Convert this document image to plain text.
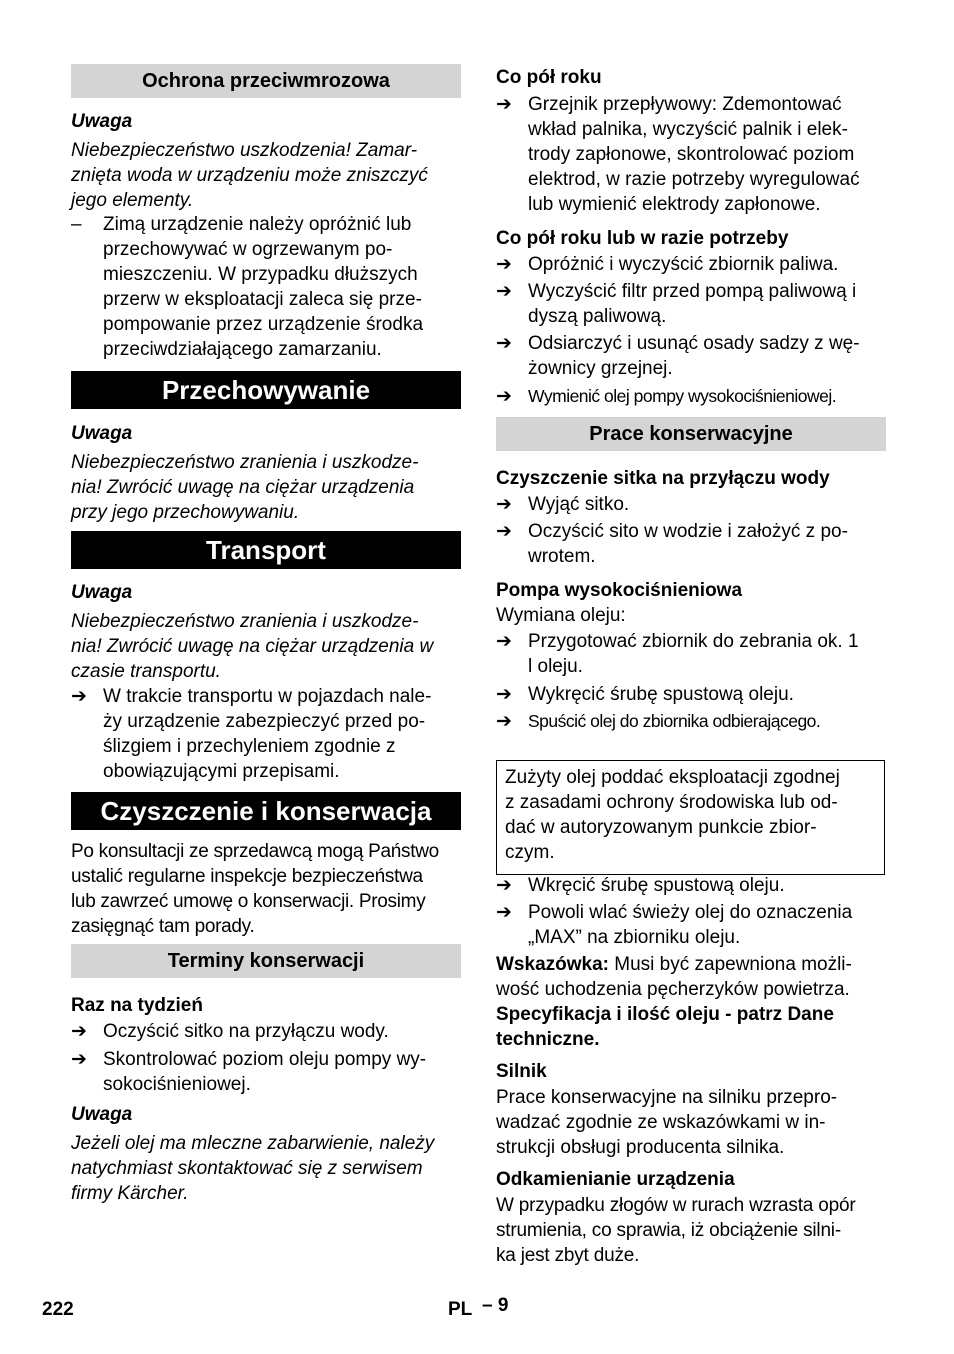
Ochrona przeciwmrozowa
Uwaga
Niebezpieczeństwo uszkodzenia! Zamar-
znięta woda w urządzeniu może zniszczyć
jego elementy.
– Zimą urządzenie należy opróżnić lub
przechowywać w ogrzewanym po-
mieszczeniu. W przypadku dłuższych
przerw w eksploatacji zaleca się prze-
pompowanie przez urządzenie środka
przeciwdziałającego zamarzaniu.
Przechowywanie
Uwaga
Niebezpieczeństwo zranienia i uszkodze-
nia! Zwrócić uwagę na ciężar urządzenia
przy jego przechowywaniu.
Transport
Uwaga
Niebezpieczeństwo zranienia i uszkodze-
nia! Zwrócić uwagę na ciężar urządzenia w
czasie transportu.
➔ W trakcie transportu w pojazdach nale-
ży urządzenie zabezpieczyć przed po-
ślizgiem i przechyleniem zgodnie z
obowiązującymi przepisami.
Czyszczenie i konserwacja
Po konsultacji ze sprzedawcą mogą Państwo
ustalić regularne inspekcje bezpieczeństwa
lub zawrzeć umowę o konserwacji. Prosimy
zasięgnąć tam porady.
Terminy konserwacji
Raz na tydzień
➔ Oczyścić sitko na przyłączu wody.
➔ Skontrolować poziom oleju pompy wy-
sokociśnieniowej.
Uwaga
Jeżeli olej ma mleczne zabarwienie, należy
natychmiast skontaktować się z serwisem
firmy Kärcher.
Co pół roku
➔ Grzejnik przepływowy: Zdemontować
wkład palnika, wyczyścić palnik i elek-
trody zapłonowe, skontrolować poziom
elektrod, w razie potrzeby wyregulować
lub wymienić elektrody zapłonowe.
Co pół roku lub w razie potrzeby
➔ Opróżnić i wyczyścić zbiornik paliwa.
➔ Wyczyścić filtr przed pompą paliwową i
dyszą paliwową.
➔ Odsiarczyć i usunąć osady sadzy z wę-
żownicy grzejnej.
➔ Wymienić olej pompy wysokociśnieniowej.
Prace konserwacyjne
Czyszczenie sitka na przyłączu wody
➔ Wyjąć sitko.
➔ Oczyścić sito w wodzie i założyć z po-
wrotem.
Pompa wysokociśnieniowa
Wymiana oleju:
➔ Przygotować zbiornik do zebrania ok. 1
l oleju.
➔ Wykręcić śrubę spustową oleju.
➔ Spuścić olej do zbiornika odbierającego.
Zużyty olej poddać eksploatacji zgodnej
z zasadami ochrony środowiska lub od-
dać w autoryzowanym punkcie zbior-
czym.
➔ Wkręcić śrubę spustową oleju.
➔ Powoli wlać świeży olej do oznaczenia
„MAX” na zbiorniku oleju.
Wskazówka: Musi być zapewniona możli-
wość uchodzenia pęcherzyków powietrza.
Specyfikacja i ilość oleju - patrz Dane
techniczne.
Silnik
Prace konserwacyjne na silniku przepro-
wadzać zgodnie ze wskazówkami w in-
strukcji obsługi producenta silnika.
Odkamienianie urządzenia
W przypadku złogów w rurach wzrasta opór
strumienia, co sprawia, iż obciążenie silni-
ka jest zbyt duże.
222	PL – 9
